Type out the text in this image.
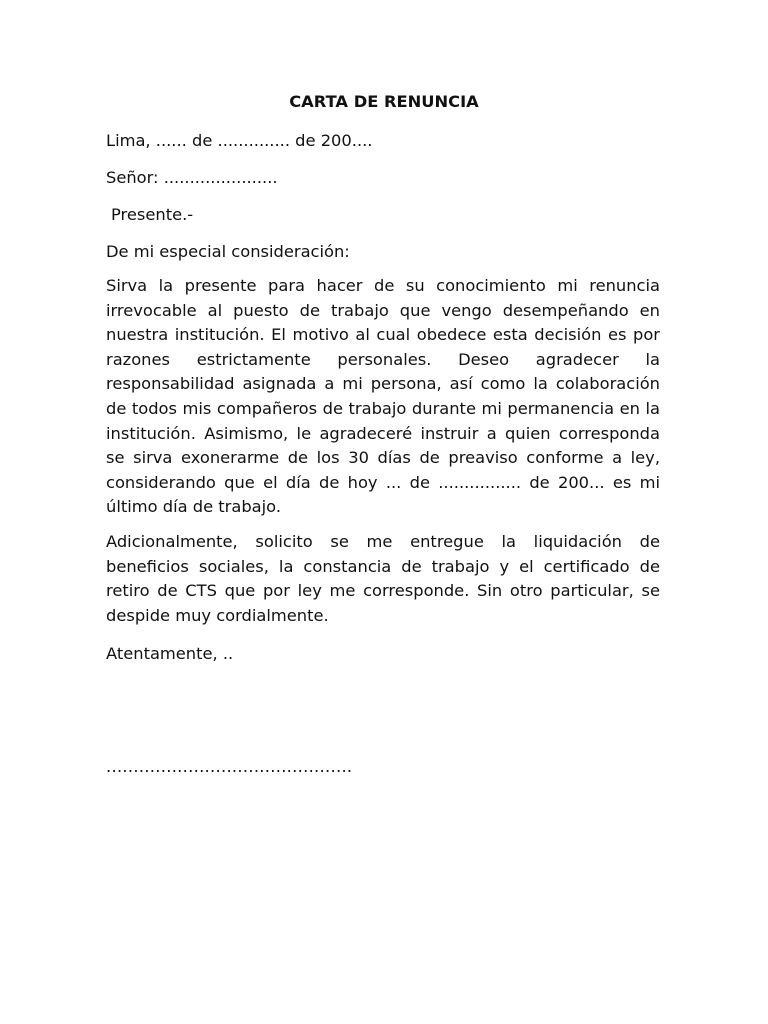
CARTA DE RENUNCIA

Lima, ...... de .............. de 200....

Señor: ......................

Presente.-

De mi especial consideración:

Sirva la presente para hacer de su conocimiento mi renuncia irrevocable al puesto de trabajo que vengo desempeñando en nuestra institución. El motivo al cual obedece esta decisión es por razones estrictamente personales. Deseo agradecer la responsabilidad asignada a mi persona, así como la colaboración de todos mis compañeros de trabajo durante mi permanencia en la institución. Asimismo, le agradeceré instruir a quien corresponda se sirva exonerarme de los 30 días de preaviso conforme a ley, considerando que el día de hoy ... de ................ de 200... es mi último día de trabajo.

Adicionalmente, solicito se me entregue la liquidación de beneficios sociales, la constancia de trabajo y el certificado de retiro de CTS que por ley me corresponde. Sin otro particular, se despide muy cordialmente.

Atentamente, ..

.............................................
